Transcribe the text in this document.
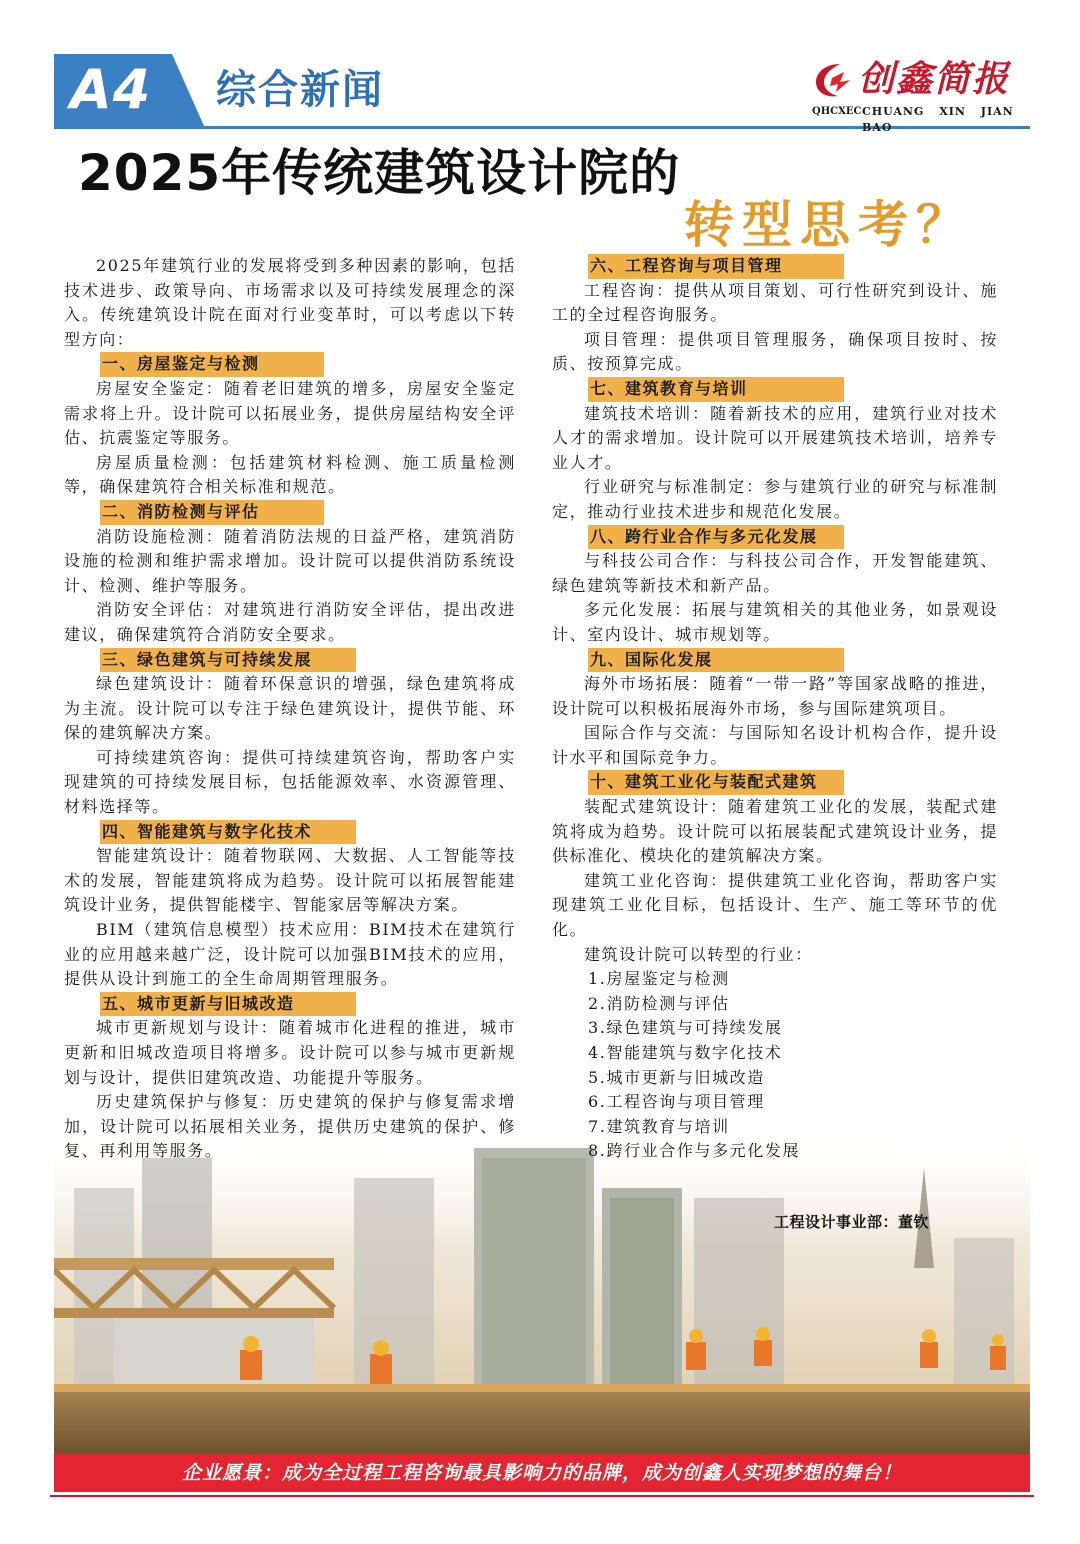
A4 综合新闻	创鑫简报
QHCXEC CHUANG XIN JIAN BAO
2025年传统建筑设计院的
转型思考？

2025年建筑行业的发展将受到多种因素的影响，包括技术进步、政策导向、市场需求以及可持续发展理念的深入。传统建筑设计院在面对行业变革时，可以考虑以下转型方向：

一、房屋鉴定与检测

房屋安全鉴定：随着老旧建筑的增多，房屋安全鉴定需求将上升。设计院可以拓展业务，提供房屋结构安全评估、抗震鉴定等服务。

房屋质量检测：包括建筑材料检测、施工质量检测等，确保建筑符合相关标准和规范。

二、消防检测与评估

消防设施检测：随着消防法规的日益严格，建筑消防设施的检测和维护需求增加。设计院可以提供消防系统设计、检测、维护等服务。

消防安全评估：对建筑进行消防安全评估，提出改进建议，确保建筑符合消防安全要求。

三、绿色建筑与可持续发展

绿色建筑设计：随着环保意识的增强，绿色建筑将成为主流。设计院可以专注于绿色建筑设计，提供节能、环保的建筑解决方案。

可持续建筑咨询：提供可持续建筑咨询，帮助客户实现建筑的可持续发展目标，包括能源效率、水资源管理、材料选择等。

四、智能建筑与数字化技术

智能建筑设计：随着物联网、大数据、人工智能等技术的发展，智能建筑将成为趋势。设计院可以拓展智能建筑设计业务，提供智能楼宇、智能家居等解决方案。

BIM（建筑信息模型）技术应用：BIM技术在建筑行业的应用越来越广泛，设计院可以加强BIM技术的应用，提供从设计到施工的全生命周期管理服务。

五、城市更新与旧城改造

城市更新规划与设计：随着城市化进程的推进，城市更新和旧城改造项目将增多。设计院可以参与城市更新规划与设计，提供旧建筑改造、功能提升等服务。

历史建筑保护与修复：历史建筑的保护与修复需求增加，设计院可以拓展相关业务，提供历史建筑的保护、修复、再利用等服务。

六、工程咨询与项目管理

工程咨询：提供从项目策划、可行性研究到设计、施工的全过程咨询服务。

项目管理：提供项目管理服务，确保项目按时、按质、按预算完成。

七、建筑教育与培训

建筑技术培训：随着新技术的应用，建筑行业对技术人才的需求增加。设计院可以开展建筑技术培训，培养专业人才。

行业研究与标准制定：参与建筑行业的研究与标准制定，推动行业技术进步和规范化发展。

八、跨行业合作与多元化发展

与科技公司合作：与科技公司合作，开发智能建筑、绿色建筑等新技术和新产品。

多元化发展：拓展与建筑相关的其他业务，如景观设计、室内设计、城市规划等。

九、国际化发展

海外市场拓展：随着“一带一路”等国家战略的推进，设计院可以积极拓展海外市场，参与国际建筑项目。

国际合作与交流：与国际知名设计机构合作，提升设计水平和国际竞争力。

十、建筑工业化与装配式建筑

装配式建筑设计：随着建筑工业化的发展，装配式建筑将成为趋势。设计院可以拓展装配式建筑设计业务，提供标准化、模块化的建筑解决方案。

建筑工业化咨询：提供建筑工业化咨询，帮助客户实现建筑工业化目标，包括设计、生产、施工等环节的优化。

建筑设计院可以转型的行业：

1.房屋鉴定与检测
2.消防检测与评估
3.绿色建筑与可持续发展
4.智能建筑与数字化技术
5.城市更新与旧城改造
6.工程咨询与项目管理
7.建筑教育与培训
8.跨行业合作与多元化发展
工程设计事业部：董钦
企业愿景：成为全过程工程咨询最具影响力的品牌，成为创鑫人实现梦想的舞台！
